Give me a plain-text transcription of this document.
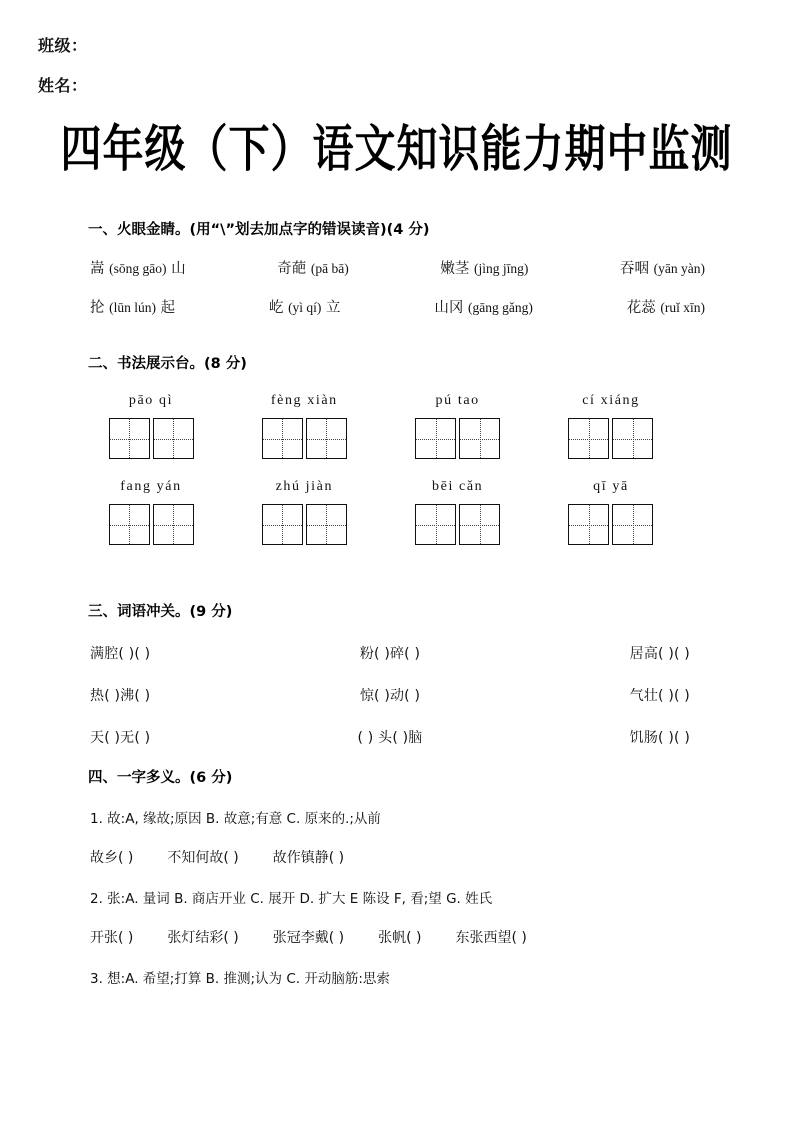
班级：
姓名：
四年级（下）语文知识能力期中监测
一、火眼金睛。(用“\”划去加点字的错误读音)(4 分)
嵩 (sōng gāo) 山	奇葩 (pā bā)	嫩茎 (jìng jīng)	吞咽 (yān yàn)
抡 (lūn lún) 起	屹 (yì qí) 立	山冈 (gāng gǎng)	花蕊 (ruǐ xīn)
二、书法展示台。(8 分)
pāo qì	fèng xiàn	pú tao	cí xiáng
fang yán	zhú jiàn	bēi cǎn	qī yā
三、词语冲关。(9 分)
满腔( )( )	粉( )碎( )	居高( )( )
热( )沸( )	惊( )动( )	气壮( )( )
天( )无( )	( ) 头( )脑	饥肠( )( )
四、一字多义。(6 分)
1. 故:A, 缘故;原因 B. 故意;有意 C. 原来的.;从前
故乡( ) 不知何故( ) 故作镇静( )
2. 张:A. 量词 B. 商店开业 C. 展开 D. 扩大 E 陈设 F, 看;望 G. 姓氏
开张( ) 张灯结彩( ) 张冠李戴( ) 张帆( ) 东张西望( )
3. 想:A. 希望;打算 B. 推测;认为 C. 开动脑筋:思索
